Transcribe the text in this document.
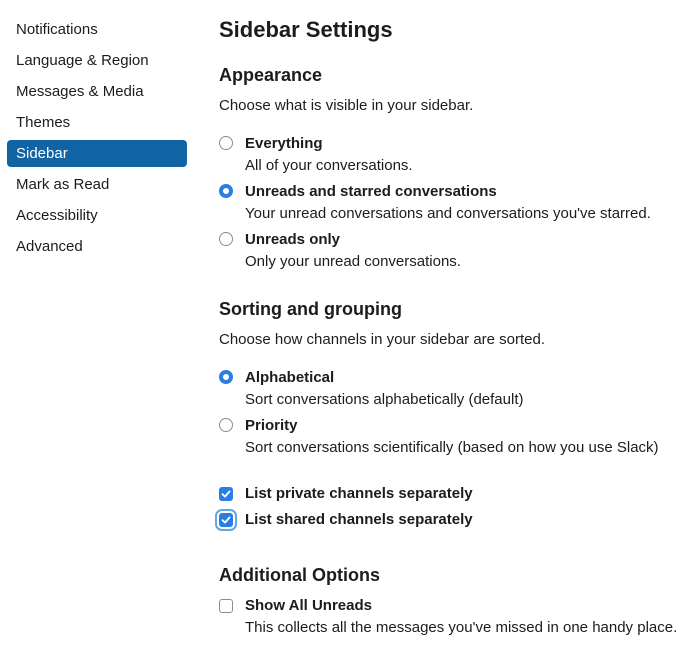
Notifications
Language & Region
Messages & Media
Themes
Sidebar
Mark as Read
Accessibility
Advanced
Sidebar Settings
Appearance
Choose what is visible in your sidebar.
Everything
All of your conversations.
Unreads and starred conversations
Your unread conversations and conversations you've starred.
Unreads only
Only your unread conversations.
Sorting and grouping
Choose how channels in your sidebar are sorted.
Alphabetical
Sort conversations alphabetically (default)
Priority
Sort conversations scientifically (based on how you use Slack)
List private channels separately
List shared channels separately
Additional Options
Show All Unreads
This collects all the messages you've missed in one handy place.
